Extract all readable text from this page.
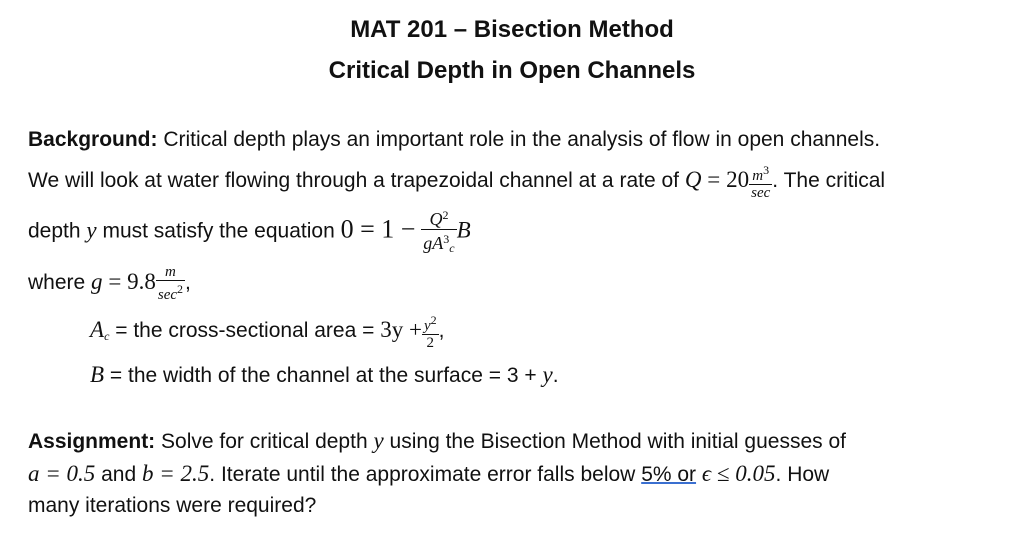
MAT 201 – Bisection Method
Critical Depth in Open Channels
Background: Critical depth plays an important role in the analysis of flow in open channels.
We will look at water flowing through a trapezoidal channel at a rate of $Q = 20 \frac{m^3}{\sec}$ . The critical
depth y must satisfy the equation $0 = 1 - \frac{Q^2}{gA^3_c}$ B
where $g = 9.8 \frac{m}{\sec^2}$ ,
$A_c$ = the cross-sectional area = $3y + \frac{y^2}{2}$ ,
B = the width of the channel at the surface = 3 + y.
Assignment: Solve for critical depth y using the Bisection Method with initial guesses of
a = 0.5 and b = 2.5. Iterate until the approximate error falls below 5% or ϵ ≤ 0.05. How
many iterations were required?
